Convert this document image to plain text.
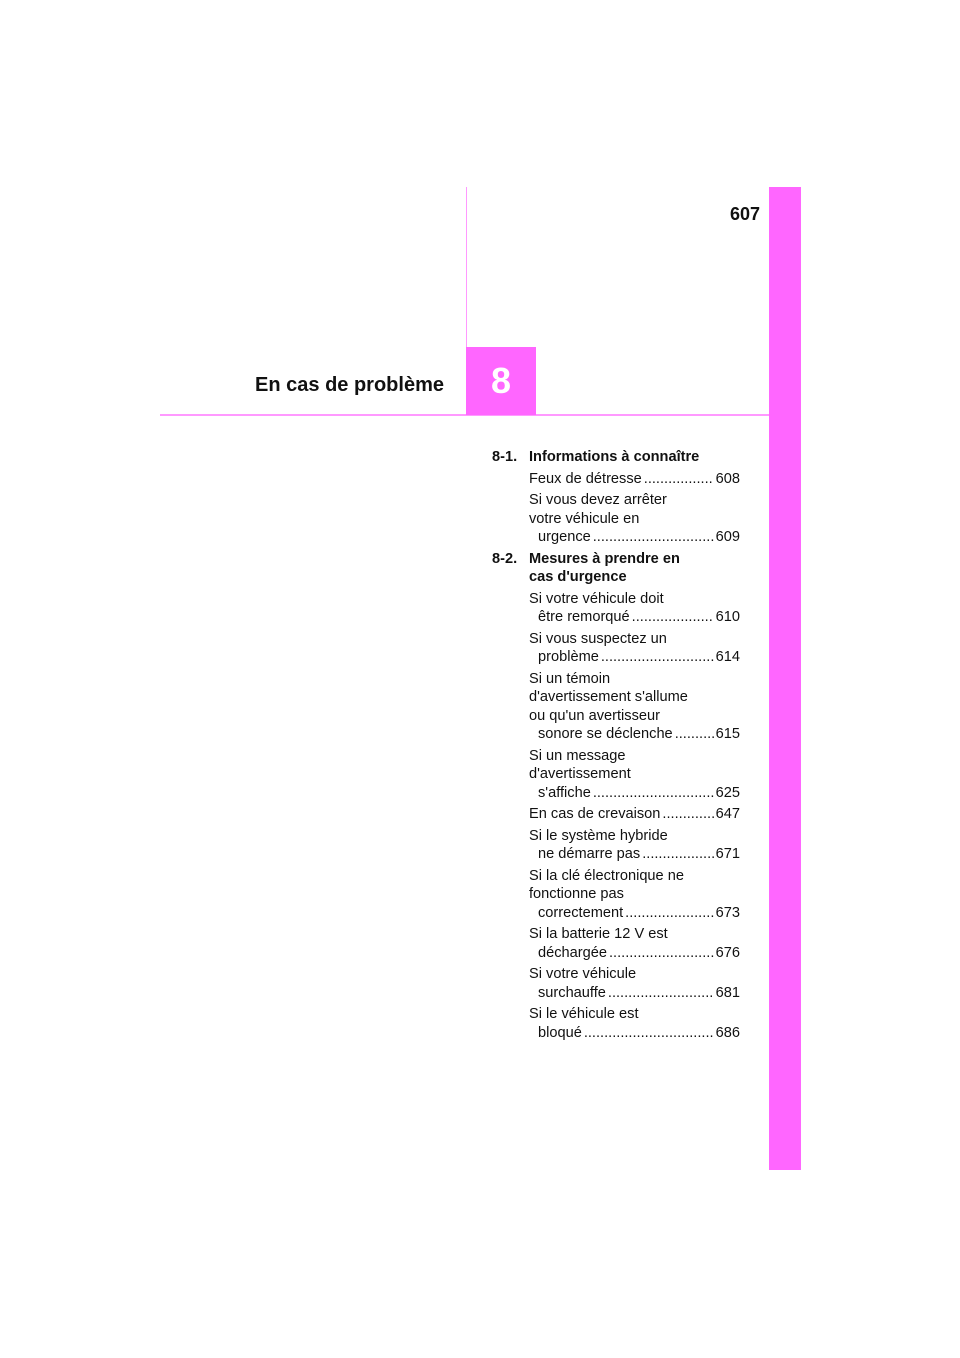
607
8
En cas de problème
8-1. Informations à connaître
Feux de détresse .....	608
Si vous devez arrêter
votre véhicule en
urgence .....	609
8-2. Mesures à prendre en
cas d'urgence
Si votre véhicule doit
être remorqué .....	610
Si vous suspectez un
problème .....	614
Si un témoin
d'avertissement s'allume
ou qu'un avertisseur
sonore se déclenche .....	615
Si un message
d'avertissement
s'affiche .....	625
En cas de crevaison .....	647
Si le système hybride
ne démarre pas .....	671
Si la clé électronique ne
fonctionne pas
correctement .....	673
Si la batterie 12 V est
déchargée .....	676
Si votre véhicule
surchauffe .....	681
Si le véhicule est
bloqué .....	686
